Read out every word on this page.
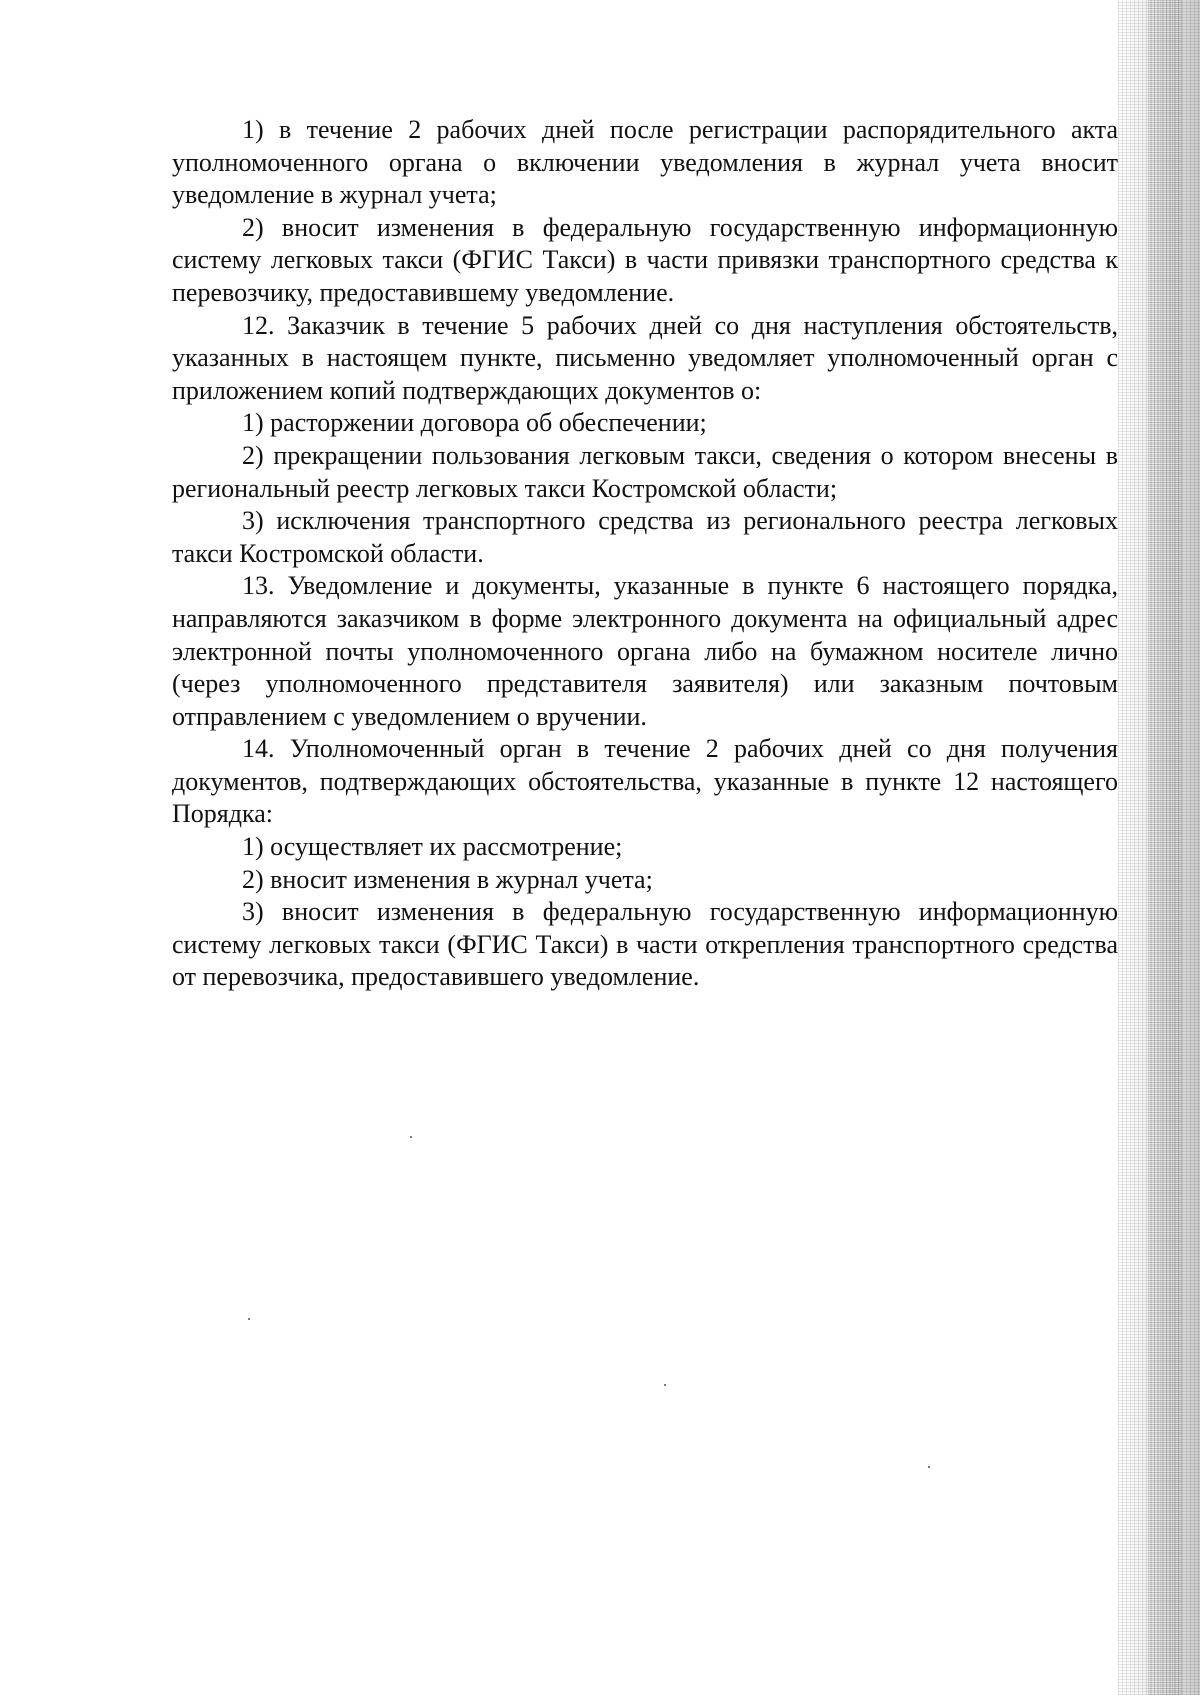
1) в течение 2 рабочих дней после регистрации распорядительного акта уполномоченного органа о включении уведомления в журнал учета вносит уведомление в журнал учета;

2) вносит изменения в федеральную государственную информационную систему легковых такси (ФГИС Такси) в части привязки транспортного средства к перевозчику, предоставившему уведомление.

12. Заказчик в течение 5 рабочих дней со дня наступления обстоятельств, указанных в настоящем пункте, письменно уведомляет уполномоченный орган с приложением копий подтверждающих документов о:

1) расторжении договора об обеспечении;

2) прекращении пользования легковым такси, сведения о котором внесены в региональный реестр легковых такси Костромской области;

3) исключения транспортного средства из регионального реестра легковых такси Костромской области.

13. Уведомление и документы, указанные в пункте 6 настоящего порядка, направляются заказчиком в форме электронного документа на официальный адрес электронной почты уполномоченного органа либо на бумажном носителе лично (через уполномоченного представителя заявителя) или заказным почтовым отправлением с уведомлением о вручении.

14. Уполномоченный орган в течение 2 рабочих дней со дня получения документов, подтверждающих обстоятельства, указанные в пункте 12 настоящего Порядка:

1) осуществляет их рассмотрение;

2) вносит изменения в журнал учета;

3) вносит изменения в федеральную государственную информационную систему легковых такси (ФГИС Такси) в части открепления транспортного средства от перевозчика, предоставившего уведомление.
